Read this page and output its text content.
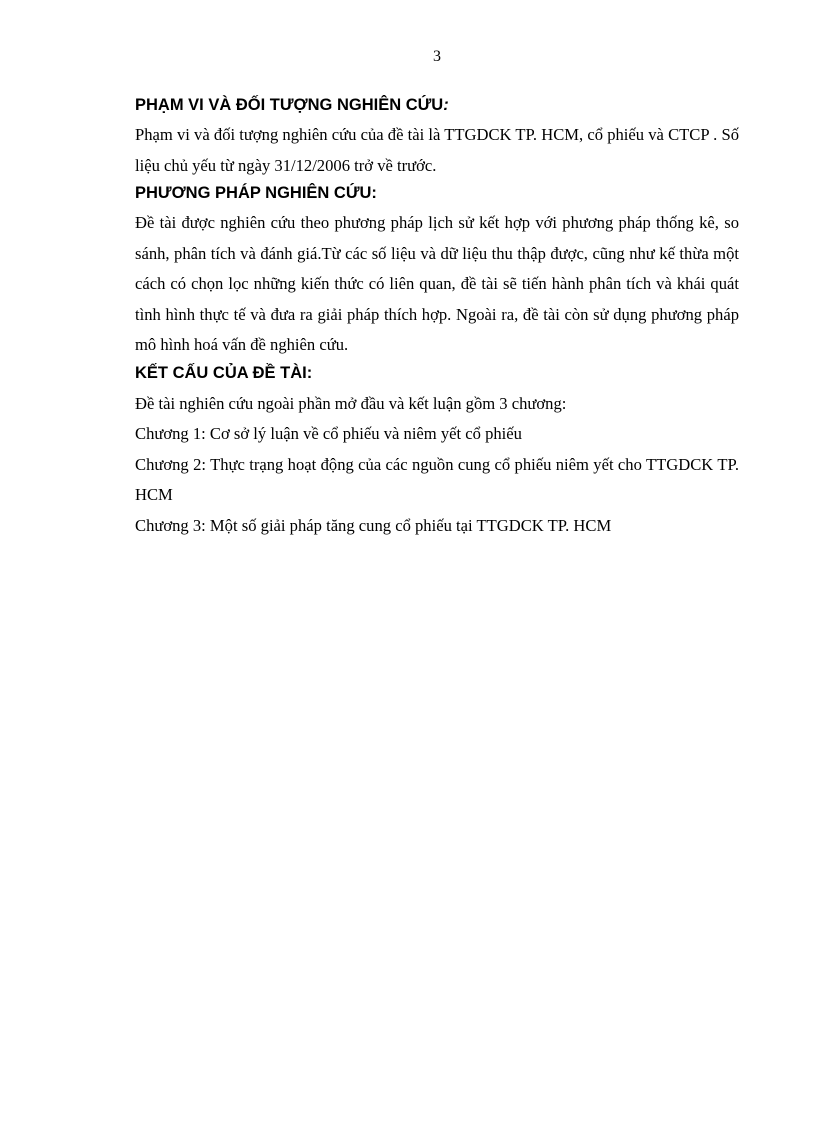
3
PHẠM VI VÀ ĐỐI TƯỢNG NGHIÊN CỨU:

Phạm vi và đối tượng nghiên cứu của đề tài là TTGDCK TP. HCM, cổ phiếu và CTCP . Số liệu chủ yếu từ ngày 31/12/2006 trở về trước.

PHƯƠNG PHÁP NGHIÊN CỨU:

Đề tài được nghiên cứu theo phương pháp lịch sử kết hợp với phương pháp thống kê, so sánh, phân tích và đánh giá.Từ các số liệu và dữ liệu thu thập được, cũng như kế thừa một cách có chọn lọc những kiến thức có liên quan, đề tài sẽ tiến hành phân tích và khái quát tình hình thực tế và đưa ra giải pháp thích hợp. Ngoài ra, đề tài còn sử dụng phương pháp mô hình hoá vấn đề nghiên cứu.

KẾT CẤU CỦA ĐỀ TÀI:

Đề tài nghiên cứu ngoài phần mở đầu và kết luận gồm 3 chương:

Chương 1: Cơ sở lý luận về cổ phiếu và niêm yết cổ phiếu

Chương 2: Thực trạng hoạt động của các nguồn cung cổ phiếu niêm yết cho TTGDCK TP. HCM

Chương 3: Một số giải pháp tăng cung cổ phiếu tại TTGDCK TP. HCM
